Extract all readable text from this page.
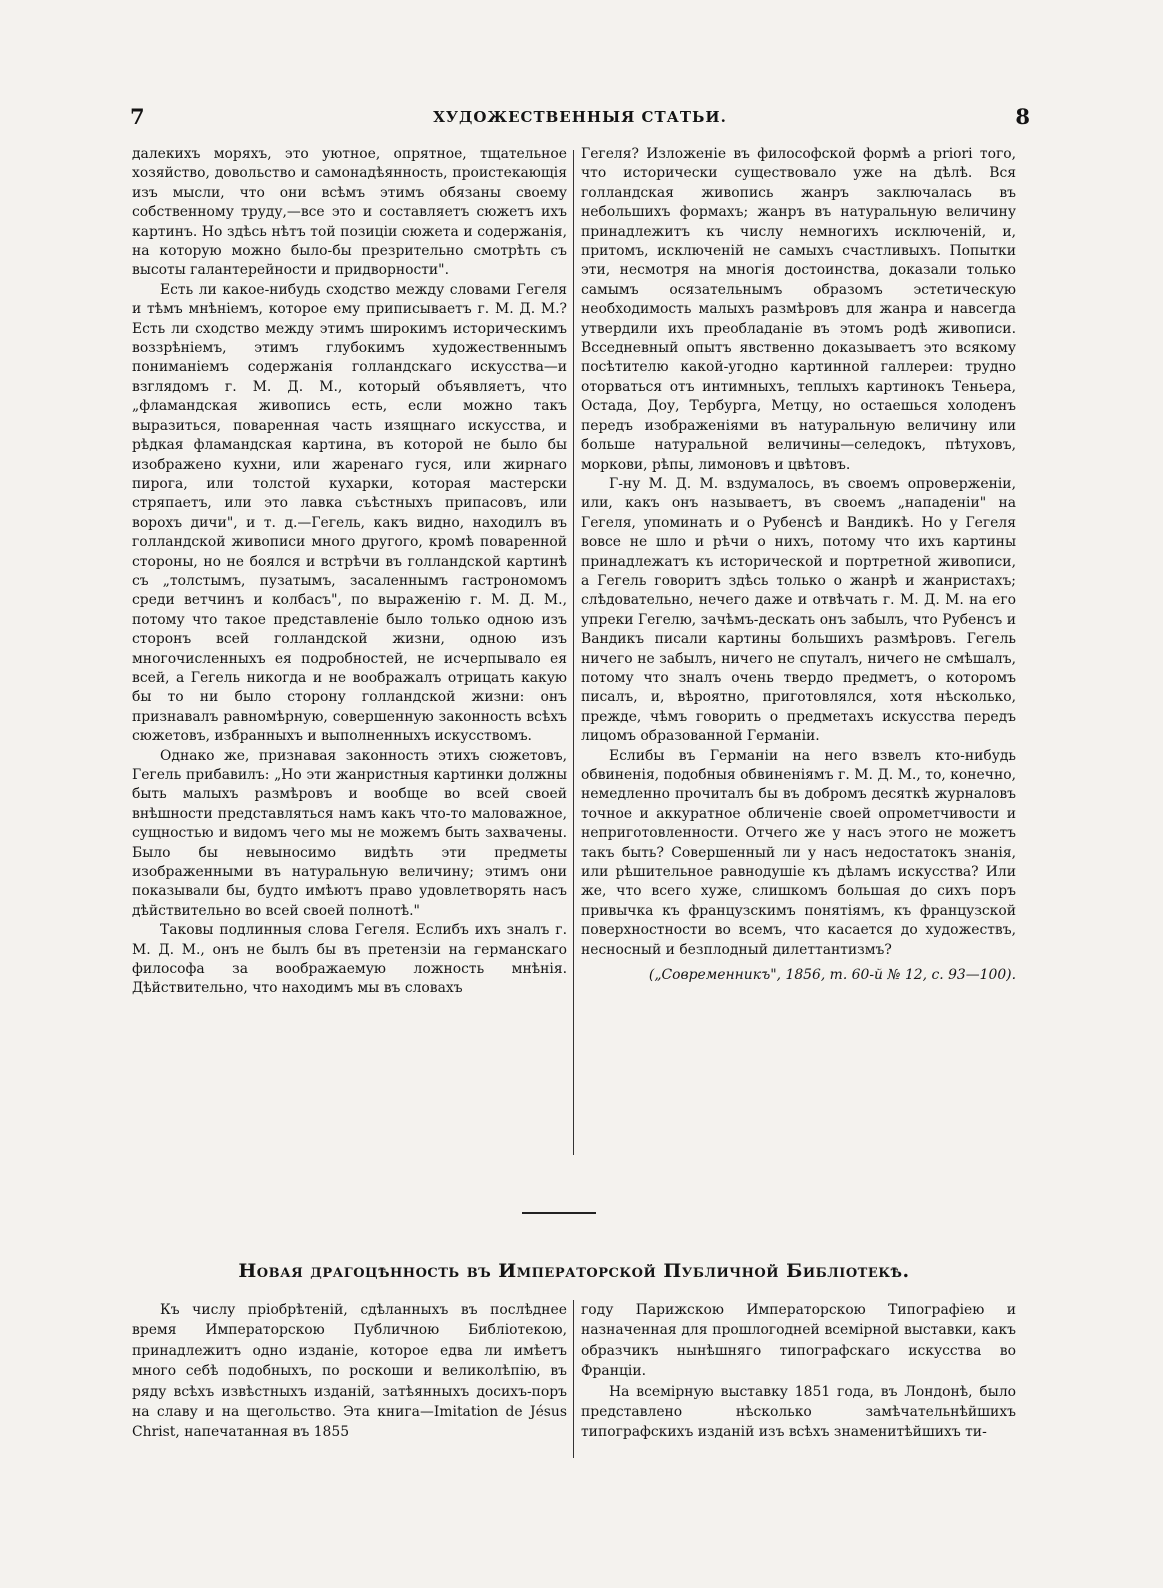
7	ХУДОЖЕСТВЕННЫЯ СТАТЬИ.	8

далекихъ моряхъ, это уютное, опрятное, тщательное хозяйство, довольство и самонадѣянность, проистекающія изъ мысли, что они всѣмъ этимъ обязаны своему собственному труду,—все это и составляетъ сюжетъ ихъ картинъ. Но здѣсь нѣтъ той позиціи сюжета и содержанія, на которую можно было-бы презрительно смотрѣть съ высоты галантерейности и придворности".

Есть ли какое-нибудь сходство между словами Гегеля и тѣмъ мнѣніемъ, которое ему приписываетъ г. М. Д. М.? Есть ли сходство между этимъ широкимъ историческимъ воззрѣніемъ, этимъ глубокимъ художественнымъ пониманіемъ содержанія голландскаго искусства—и взглядомъ г. М. Д. М., который объявляетъ, что „фламандская живопись есть, если можно такъ выразиться, поваренная часть изящнаго искусства, и рѣдкая фламандская картина, въ которой не было бы изображено кухни, или жаренаго гуся, или жирнаго пирога, или толстой кухарки, которая мастерски стряпаетъ, или это лавка съѣстныхъ припасовъ, или ворохъ дичи", и т. д.—Гегель, какъ видно, находилъ въ голландской живописи много другого, кромѣ поваренной стороны, но не боялся и встрѣчи въ голландской картинѣ съ „толстымъ, пузатымъ, засаленнымъ гастрономомъ среди ветчинъ и колбасъ", по выраженію г. М. Д. М., потому что такое представленіе было только одною изъ сторонъ всей голландской жизни, одною изъ многочисленныхъ ея подробностей, не исчерпывало ея всей, а Гегель никогда и не воображалъ отрицать какую бы то ни было сторону голландской жизни: онъ признавалъ равномѣрную, совершенную законность всѣхъ сюжетовъ, избранныхъ и выполненныхъ искусствомъ.

Однако же, признавая законность этихъ сюжетовъ, Гегель прибавилъ: „Но эти жанристныя картинки должны быть малыхъ размѣровъ и вообще во всей своей внѣшности представляться намъ какъ что-то маловажное, сущностью и видомъ чего мы не можемъ быть захвачены. Было бы невыносимо видѣть эти предметы изображенными въ натуральную величину; этимъ они показывали бы, будто имѣютъ право удовлетворять насъ дѣйствительно во всей своей полнотѣ."

Таковы подлинныя слова Гегеля. Еслибъ ихъ зналъ г. М. Д. М., онъ не былъ бы въ претензіи на германскаго философа за воображаемую ложность мнѣнія. Дѣйствительно, что находимъ мы въ словахъ

Гегеля? Изложеніе въ философской формѣ a priori того, что исторически существовало уже на дѣлѣ. Вся голландская живопись жанръ заключалась въ небольшихъ формахъ; жанръ въ натуральную величину принадлежитъ къ числу немногихъ исключеній, и, притомъ, исключеній не самыхъ счастливыхъ. Попытки эти, несмотря на многія достоинства, доказали только самымъ осязательнымъ образомъ эстетическую необходимость малыхъ размѣровъ для жанра и навсегда утвердили ихъ преобладаніе въ этомъ родѣ живописи. Всседневный опытъ явственно доказываетъ это всякому посѣтителю какой-угодно картинной галлереи: трудно оторваться отъ интимныхъ, теплыхъ картинокъ Теньера, Остада, Доу, Тербурга, Метцу, но остаешься холоденъ передъ изображеніями въ натуральную величину или больше натуральной величины—селедокъ, пѣтуховъ, моркови, рѣпы, лимоновъ и цвѣтовъ.

Г-ну М. Д. М. вздумалось, въ своемъ опроверженіи, или, какъ онъ называетъ, въ своемъ „нападеніи" на Гегеля, упоминать и о Рубенсѣ и Вандикѣ. Но у Гегеля вовсе не шло и рѣчи о нихъ, потому что ихъ картины принадлежатъ къ исторической и портретной живописи, а Гегель говоритъ здѣсь только о жанрѣ и жанристахъ; слѣдовательно, нечего даже и отвѣчать г. М. Д. М. на его упреки Гегелю, зачѣмъ-дескать онъ забылъ, что Рубенсъ и Вандикъ писали картины большихъ размѣровъ. Гегель ничего не забылъ, ничего не спуталъ, ничего не смѣшалъ, потому что зналъ очень твердо предметъ, о которомъ писалъ, и, вѣроятно, приготовлялся, хотя нѣсколько, прежде, чѣмъ говорить о предметахъ искусства передъ лицомъ образованной Германіи.

Еслибы въ Германіи на него взвелъ кто-нибудь обвиненія, подобныя обвиненіямъ г. М. Д. М., то, конечно, немедленно прочиталъ бы въ добромъ десяткѣ журналовъ точное и аккуратное обличеніе своей опрометчивости и неприготовленности. Отчего же у насъ этого не можетъ такъ быть? Совершенный ли у насъ недостатокъ знанія, или рѣшительное равнодушіе къ дѣламъ искусства? Или же, что всего хуже, слишкомъ большая до сихъ поръ привычка къ французскимъ понятіямъ, къ французской поверхностности во всемъ, что касается до художествъ, несносный и безплодный дилеттантизмъ?

(„Современникъ", 1856, т. 60-й № 12, с. 93—100).

Новая драгоцѣнность въ Императорской Публичной Библіотекѣ.

Къ числу пріобрѣтеній, сдѣланныхъ въ послѣднее время Императорскою Публичною Библіотекою, принадлежитъ одно изданіе, которое едва ли имѣетъ много себѣ подобныхъ, по роскоши и великолѣпію, въ ряду всѣхъ извѣстныхъ изданій, затѣянныхъ досихъ-поръ на славу и на щегольство. Эта книга—Imitation de Jésus Christ, напечатанная въ 1855

году Парижскою Императорскою Типографіею и назначенная для прошлогодней всемірной выставки, какъ образчикъ нынѣшняго типографскаго искусства во Франціи.

На всемірную выставку 1851 года, въ Лондонѣ, было представлено нѣсколько замѣчательнѣйшихъ типографскихъ изданій изъ всѣхъ знаменитѣйшихъ ти-
